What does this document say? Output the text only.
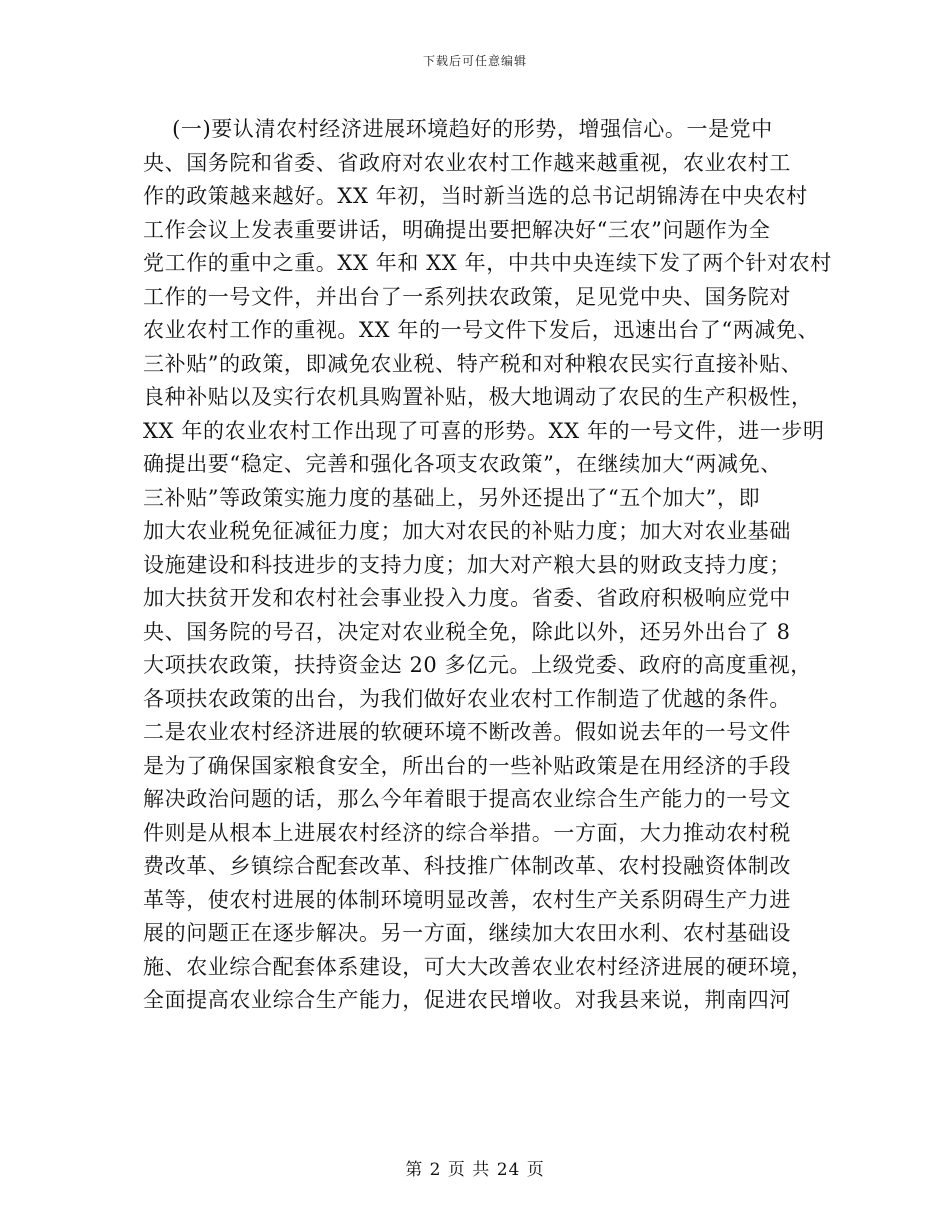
下载后可任意编辑
(一)要认清农村经济进展环境趋好的形势，增强信心。一是党中
央、国务院和省委、省政府对农业农村工作越来越重视，农业农村工
作的政策越来越好。XX 年初，当时新当选的总书记胡锦涛在中央农村
工作会议上发表重要讲话，明确提出要把解决好“三农”问题作为全
党工作的重中之重。XX 年和 XX 年，中共中央连续下发了两个针对农村
工作的一号文件，并出台了一系列扶农政策，足见党中央、国务院对
农业农村工作的重视。XX 年的一号文件下发后，迅速出台了“两减免、
三补贴”的政策，即减免农业税、特产税和对种粮农民实行直接补贴、
良种补贴以及实行农机具购置补贴，极大地调动了农民的生产积极性，
XX 年的农业农村工作出现了可喜的形势。XX 年的一号文件，进一步明
确提出要“稳定、完善和强化各项支农政策”，在继续加大“两减免、
三补贴”等政策实施力度的基础上，另外还提出了“五个加大”，即
加大农业税免征减征力度；加大对农民的补贴力度；加大对农业基础
设施建设和科技进步的支持力度；加大对产粮大县的财政支持力度；
加大扶贫开发和农村社会事业投入力度。省委、省政府积极响应党中
央、国务院的号召，决定对农业税全免，除此以外，还另外出台了 8
大项扶农政策，扶持资金达 20 多亿元。上级党委、政府的高度重视，
各项扶农政策的出台，为我们做好农业农村工作制造了优越的条件。
二是农业农村经济进展的软硬环境不断改善。假如说去年的一号文件
是为了确保国家粮食安全，所出台的一些补贴政策是在用经济的手段
解决政治问题的话，那么今年着眼于提高农业综合生产能力的一号文
件则是从根本上进展农村经济的综合举措。一方面，大力推动农村税
费改革、乡镇综合配套改革、科技推广体制改革、农村投融资体制改
革等，使农村进展的体制环境明显改善，农村生产关系阴碍生产力进
展的问题正在逐步解决。另一方面，继续加大农田水利、农村基础设
施、农业综合配套体系建设，可大大改善农业农村经济进展的硬环境，
全面提高农业综合生产能力，促进农民增收。对我县来说，荆南四河
第 2 页 共 24 页
